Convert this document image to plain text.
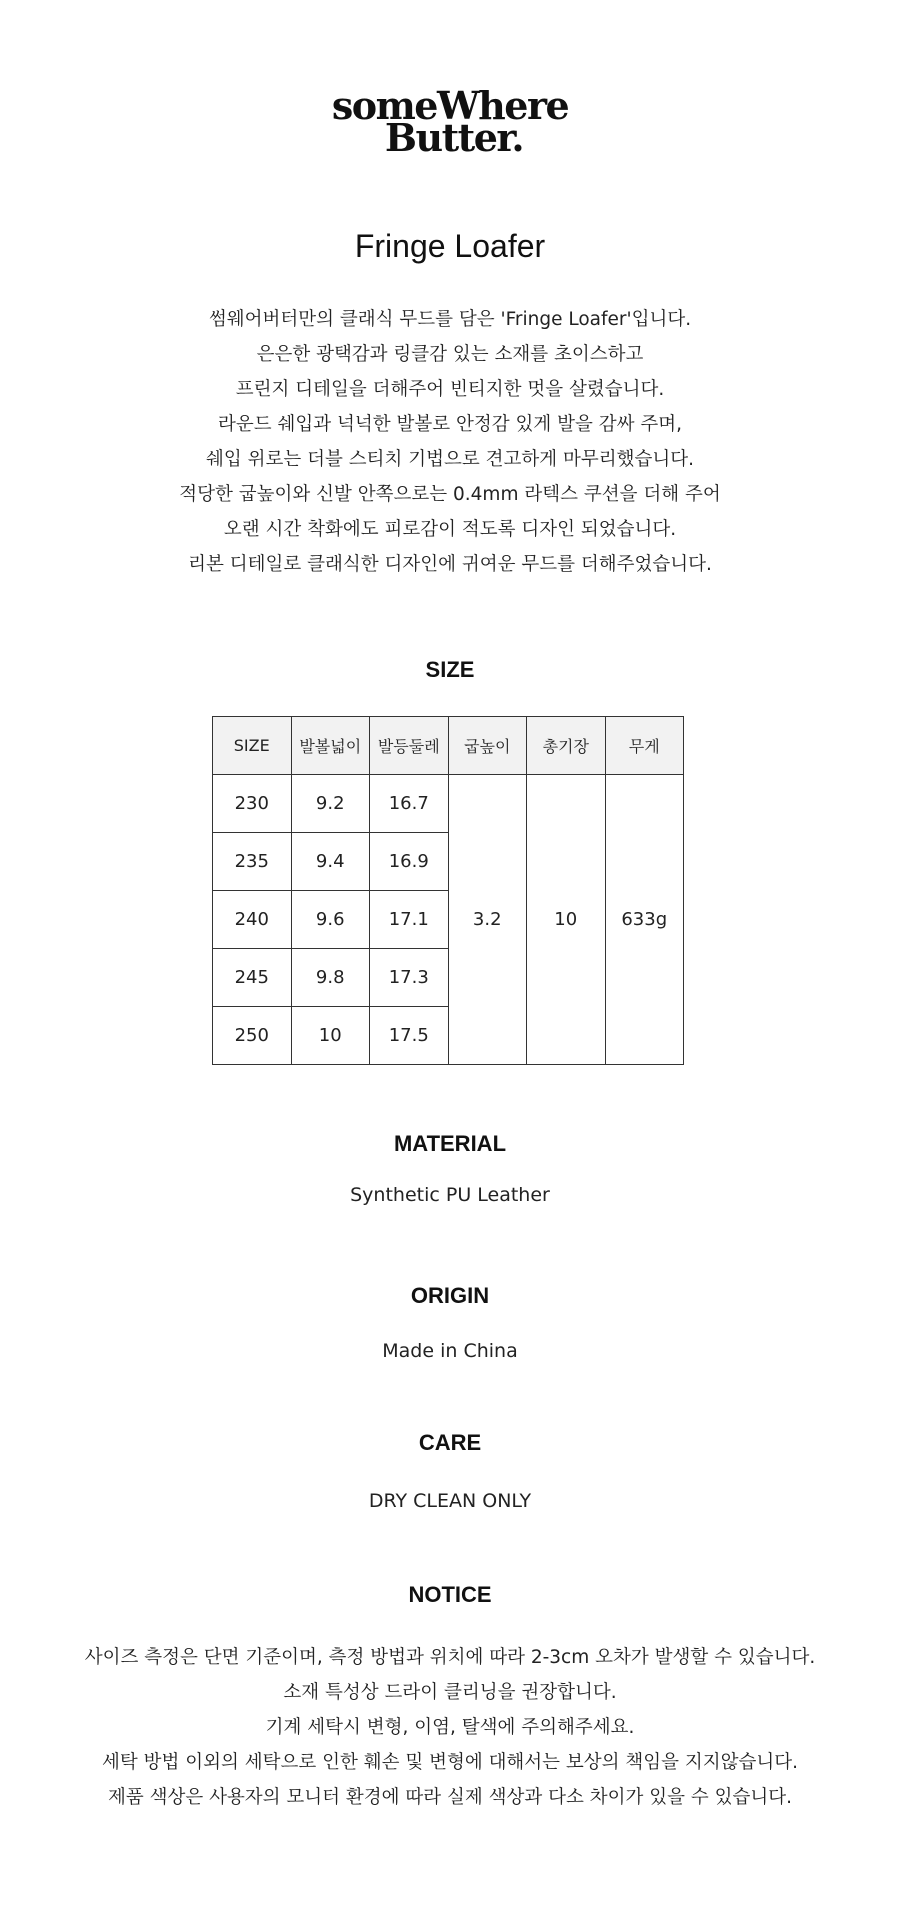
someWhere
Butter.
Fringe Loafer
썸웨어버터만의 클래식 무드를 담은 'Fringe Loafer'입니다.
은은한 광택감과 링클감 있는 소재를 초이스하고
프린지 디테일을 더해주어 빈티지한 멋을 살렸습니다.
라운드 쉐입과 넉넉한 발볼로 안정감 있게 발을 감싸 주며,
쉐입 위로는 더블 스티치 기법으로 견고하게 마무리했습니다.
적당한 굽높이와 신발 안쪽으로는 0.4mm 라텍스 쿠션을 더해 주어
오랜 시간 착화에도 피로감이 적도록 디자인 되었습니다.
리본 디테일로 클래식한 디자인에 귀여운 무드를 더해주었습니다.
SIZE
SIZE	발볼넓이	발등둘레	굽높이	총기장	무게
230	9.2	16.7	3.2	10	633g
235	9.4	16.9			
240	9.6	17.1			
245	9.8	17.3			
250	10	17.5			
MATERIAL
Synthetic PU Leather
ORIGIN
Made in China
CARE
DRY CLEAN ONLY
NOTICE
사이즈 측정은 단면 기준이며, 측정 방법과 위치에 따라 2-3cm 오차가 발생할 수 있습니다.
소재 특성상 드라이 클리닝을 권장합니다.
기계 세탁시 변형, 이염, 탈색에 주의해주세요.
세탁 방법 이외의 세탁으로 인한 훼손 및 변형에 대해서는 보상의 책임을 지지않습니다.
제품 색상은 사용자의 모니터 환경에 따라 실제 색상과 다소 차이가 있을 수 있습니다.
